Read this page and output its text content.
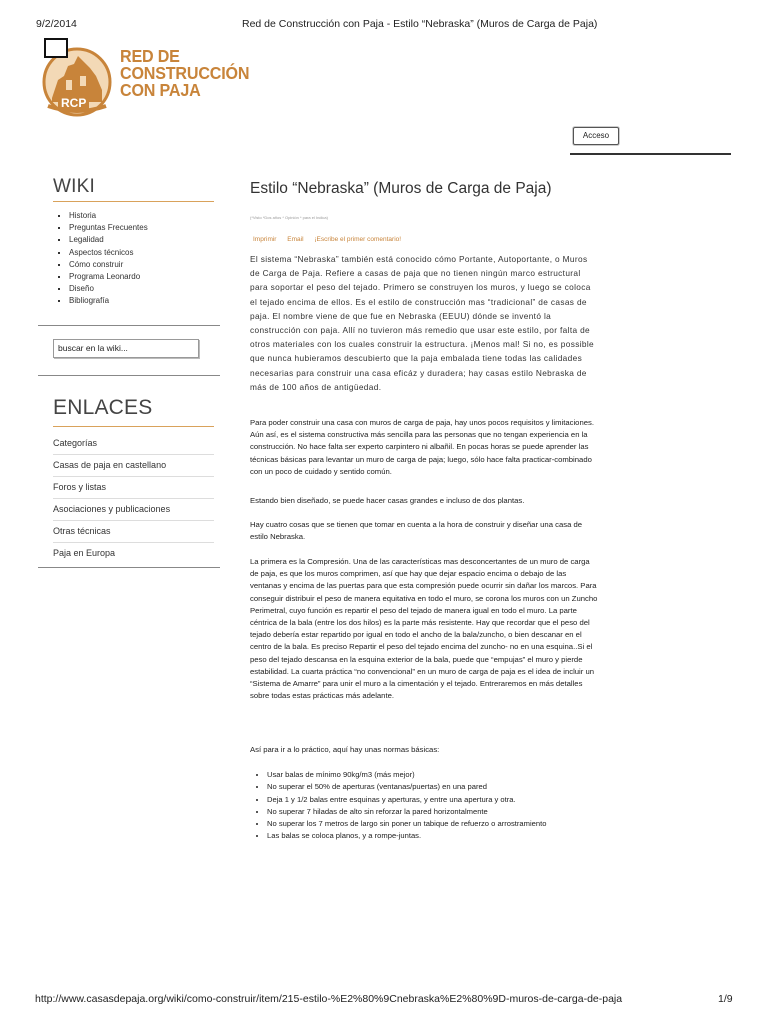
9/2/2014	Red de Construcción con Paja - Estilo “Nebraska” (Muros de Carga de Paja)
RCP
RED DE
CONSTRUCCIÓN
CON PAJA
Acceso
WIKI
▪ Historia
▪ Preguntas Frecuentes
▪ Legalidad
▪ Aspectos técnicos
▪ Cómo construir
▪ Programa Leonardo
▪ Diseño
▪ Bibliografía
buscar en la wiki...
ENLACES
Categorías
Casas de paja en castellano
Foros y listas
Asociaciones y publicaciones
Otras técnicas
Paja en Europa
Estilo “Nebraska” (Muros de Carga de Paja)
(*Visto *Dos años * Opinión * para el Indica)
Imprimir Email ¡Escribe el primer comentario!
El sistema “Nebraska” también está conocido cómo Portante, Autoportante, o Muros de Carga de Paja. Refiere a casas de paja que no tienen ningún marco estructural para soportar el peso del tejado. Primero se construyen los muros, y luego se coloca el tejado encima de ellos. Es el estilo de construcción mas “tradicional” de casas de paja. El nombre viene de que fue en Nebraska (EEUU) dónde se inventó la construcción con paja. Allí no tuvieron más remedio que usar este estilo, por falta de otros materiales con los cuales construir la estructura. ¡Menos mal! Si no, es possible que nunca hubieramos descubierto que la paja embalada tiene todas las calidades necesarias para construir una casa eficáz y duradera; hay casas estilo Nebraska de más de 100 años de antigüedad.
Para poder construir una casa con muros de carga de paja, hay unos pocos requisitos y limitaciones. Aún así, es el sistema constructiva más sencilla para las personas que no tengan experiencia en la construcción. No hace falta ser experto carpintero ni albañil. En pocas horas se puede aprender las técnicas básicas para levantar un muro de carga de paja; luego, sólo hace falta practicar-combinado con un poco de cuidado y sentido común.
Estando bien diseñado, se puede hacer casas grandes e incluso de dos plantas.
Hay cuatro cosas que se tienen que tomar en cuenta a la hora de construir y diseñar una casa de estilo Nebraska.
La primera es la Compresión. Una de las características mas desconcertantes de un muro de carga de paja, es que los muros comprimen, así que hay que dejar espacio encima o debajo de las ventanas y encima de las puertas para que esta compresión puede ocurrir sin dañar los marcos. Para conseguir distribuir el peso de manera equitativa en todo el muro, se corona los muros con un Zuncho Perimetral, cuyo función es repartir el peso del tejado de manera igual en todo el muro. La parte céntrica de la bala (entre los dos hilos) es la parte más resistente. Hay que recordar que el peso del tejado debería estar repartido por igual en todo el ancho de la bala/zuncho, o bien descanar en el centro de la bala. Es preciso Repartir el peso del tejado encima del zuncho- no en una esquina..Si el peso del tejado descansa en la esquina exterior de la bala, puede que “empujas” el muro y pierde estabilidad. La cuarta práctica “no convencional” en un muro de carga de paja es el idea de incluir un “Sistema de Amarre” para unir el muro a la cimentación y el tejado. Entreraremos en más detalles sobre todas estas prácticas más adelante.
Así para ir a lo práctico, aquí hay unas normas básicas:
• Usar balas de mínimo 90kg/m3 (más mejor)
• No superar el 50% de aperturas (ventanas/puertas) en una pared
• Deja 1 y 1/2 balas entre esquinas y aperturas, y entre una apertura y otra.
• No superar 7 hiladas de alto sin reforzar la pared horizontalmente
• No superar los 7 metros de largo sin poner un tabique de refuerzo o arrostramiento
• Las balas se coloca planos, y a rompe-juntas.
http://www.casasdepaja.org/wiki/como-construir/item/215-estilo-%E2%80%9Cnebraska%E2%80%9D-muros-de-carga-de-paja	1/9
